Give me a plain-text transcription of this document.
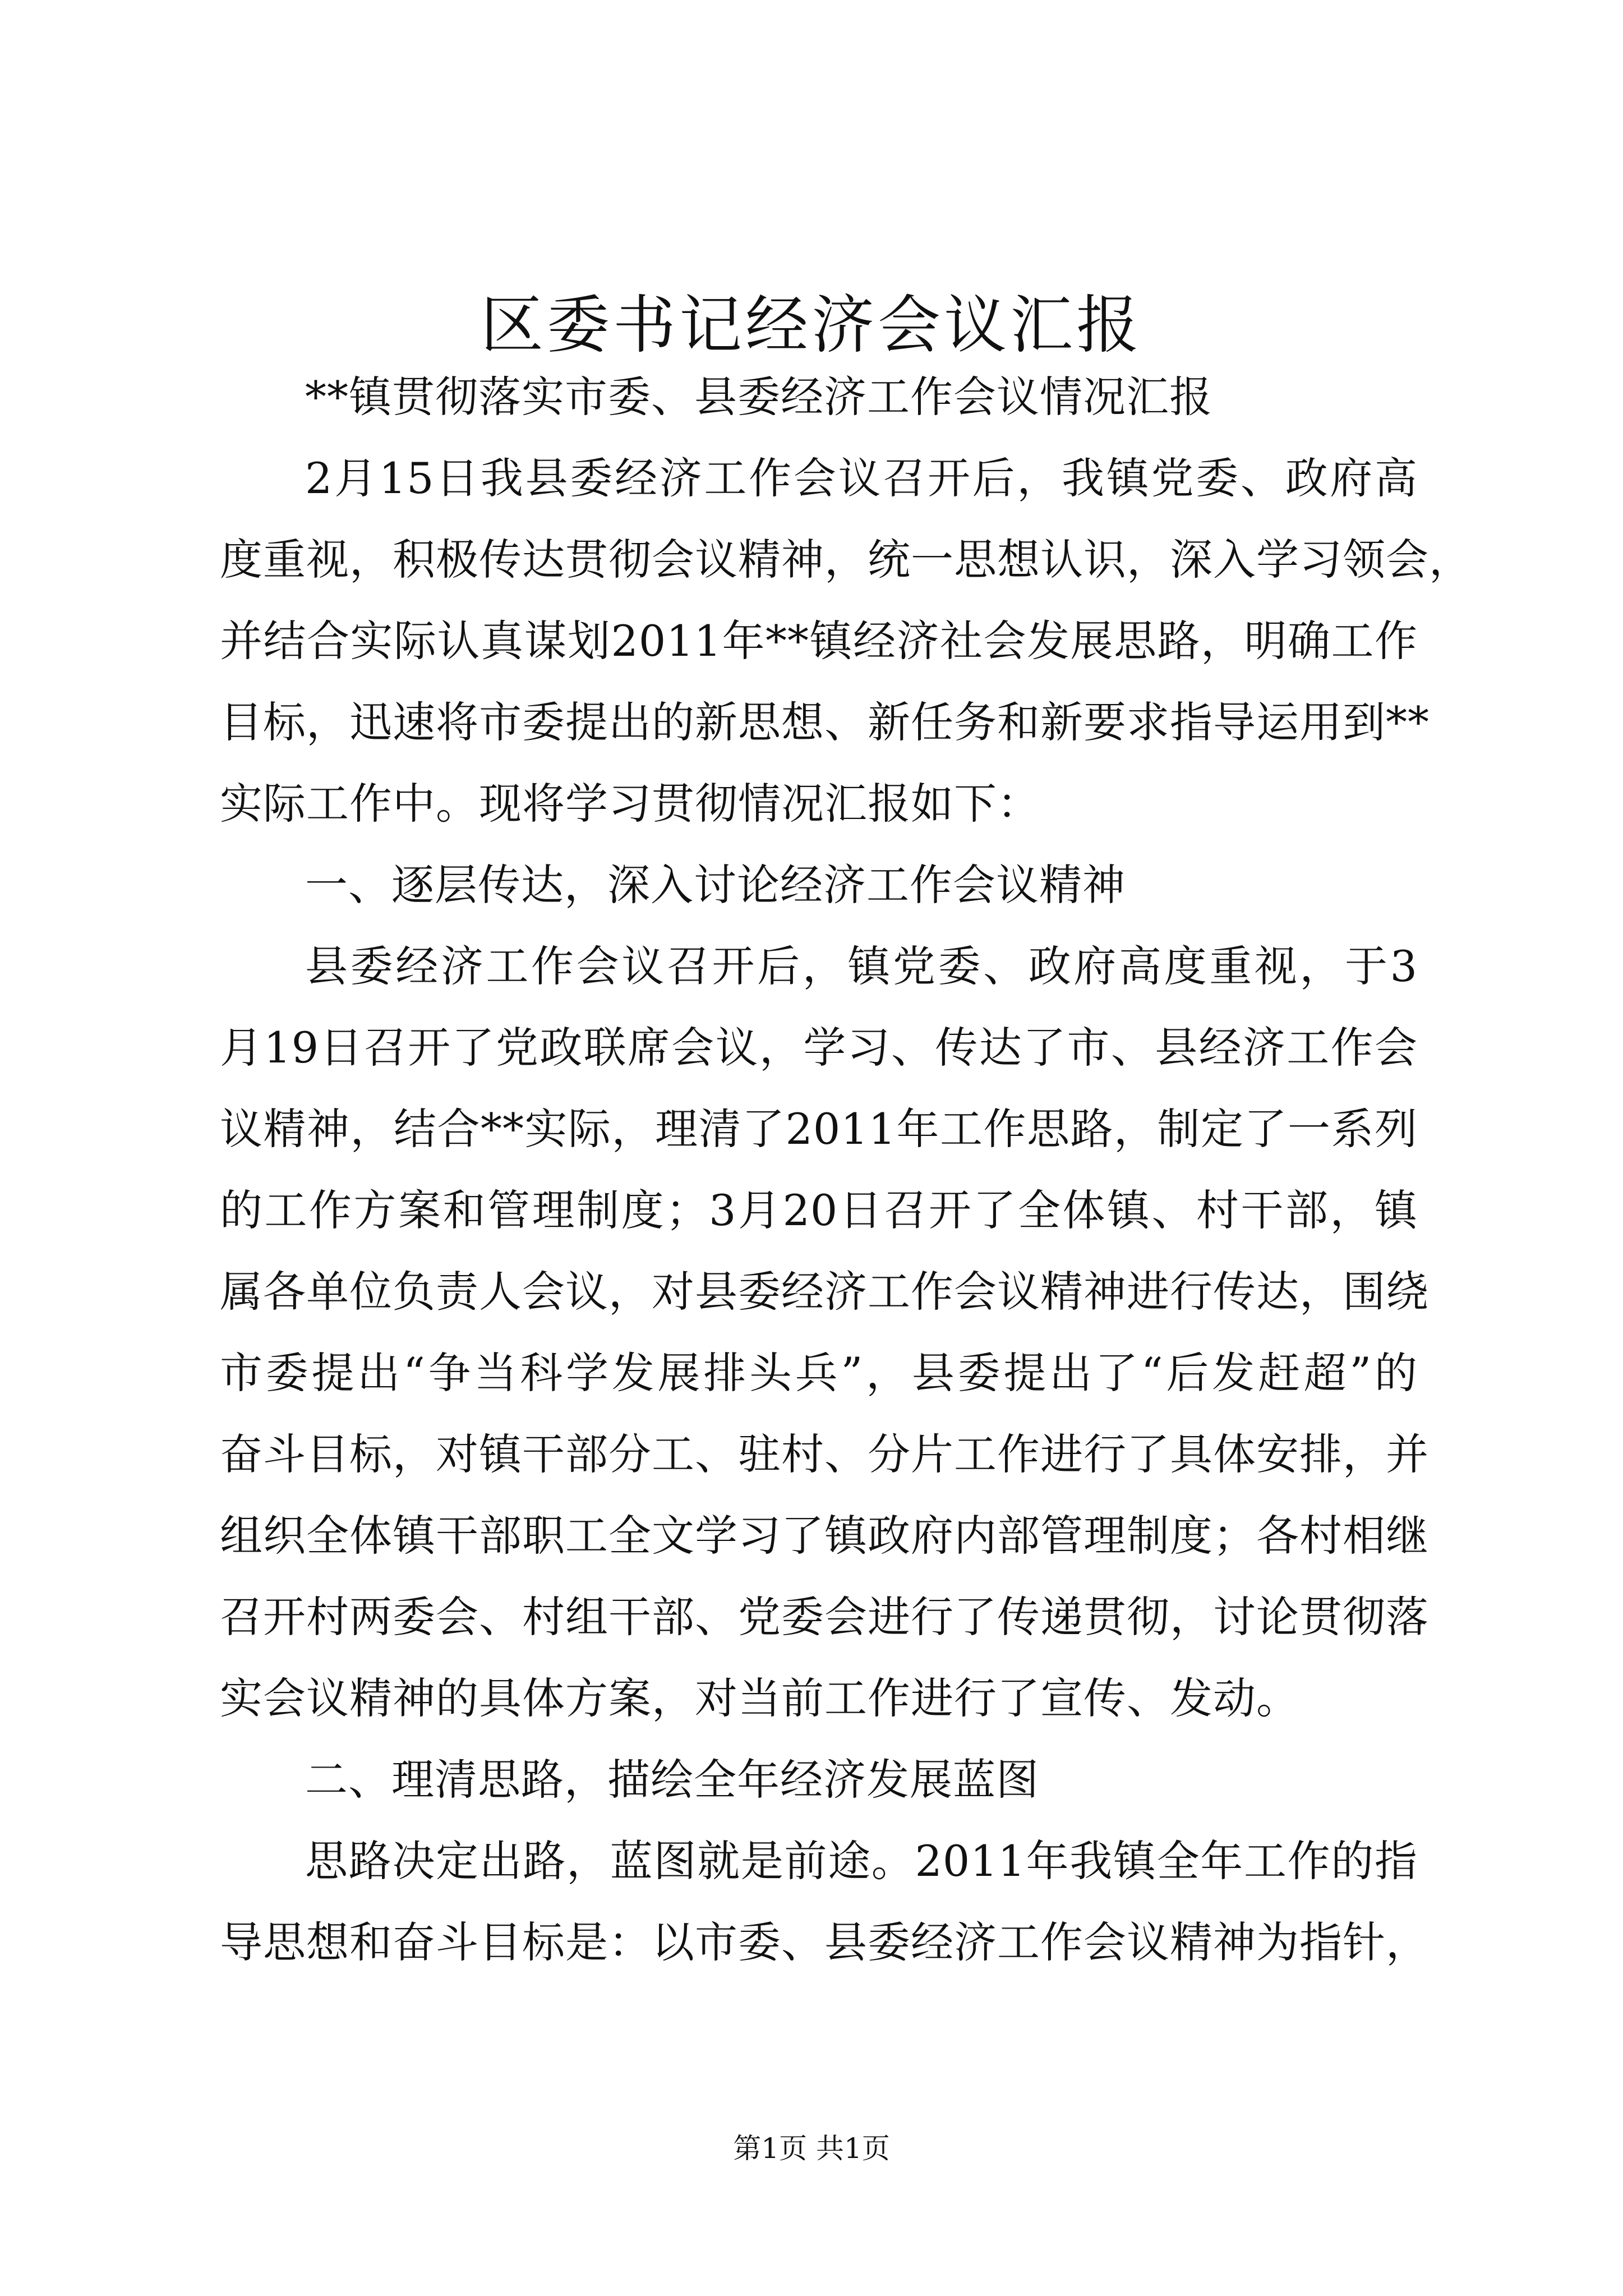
区委书记经济会议汇报
**镇贯彻落实市委、县委经济工作会议情况汇报
2月15日我县委经济工作会议召开后，我镇党委、政府高
度重视，积极传达贯彻会议精神，统一思想认识，深入学习领会，
并结合实际认真谋划2011年**镇经济社会发展思路，明确工作
目标，迅速将市委提出的新思想、新任务和新要求指导运用到**
实际工作中。现将学习贯彻情况汇报如下：
一、逐层传达，深入讨论经济工作会议精神
县委经济工作会议召开后，镇党委、政府高度重视，于3
月19日召开了党政联席会议，学习、传达了市、县经济工作会
议精神，结合**实际，理清了2011年工作思路，制定了一系列
的工作方案和管理制度；3月20日召开了全体镇、村干部，镇
属各单位负责人会议，对县委经济工作会议精神进行传达，围绕
市委提出“争当科学发展排头兵”，县委提出了“后发赶超”的
奋斗目标，对镇干部分工、驻村、分片工作进行了具体安排，并
组织全体镇干部职工全文学习了镇政府内部管理制度；各村相继
召开村两委会、村组干部、党委会进行了传递贯彻，讨论贯彻落
实会议精神的具体方案，对当前工作进行了宣传、发动。
二、理清思路，描绘全年经济发展蓝图
思路决定出路，蓝图就是前途。2011年我镇全年工作的指
导思想和奋斗目标是：以市委、县委经济工作会议精神为指针，
第1页 共1页
